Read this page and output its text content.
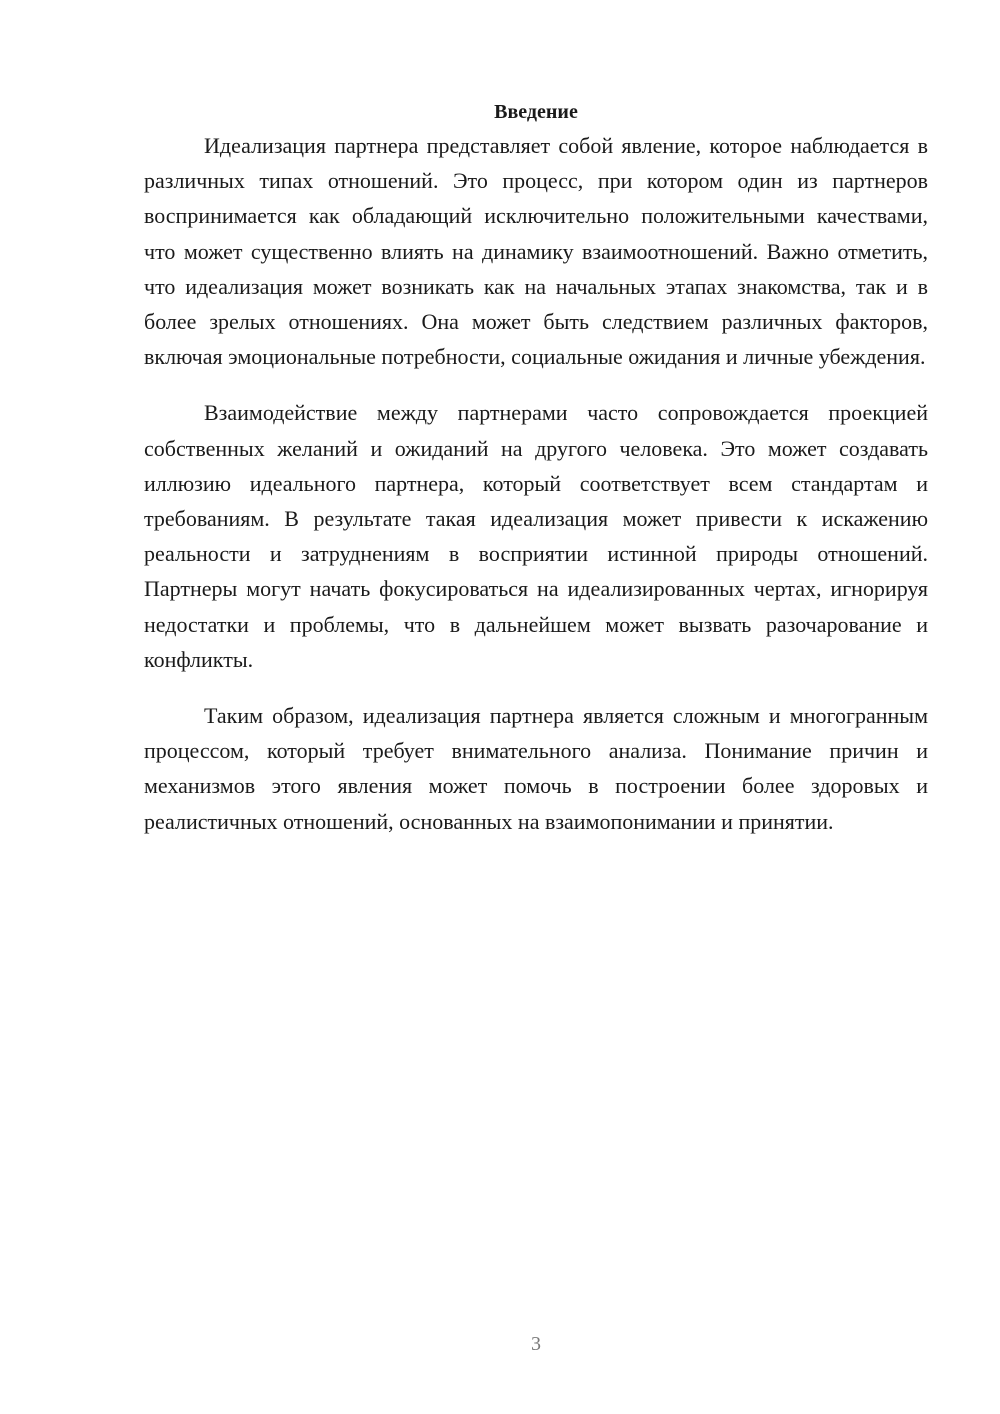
Введение

Идеализация партнера представляет собой явление, которое наблюдается в различных типах отношений. Это процесс, при котором один из партнеров воспринимается как обладающий исключительно положительными качествами, что может существенно влиять на динамику взаимоотношений. Важно отметить, что идеализация может возникать как на начальных этапах знакомства, так и в более зрелых отношениях. Она может быть следствием различных факторов, включая эмоциональные потребности, социальные ожидания и личные убеждения.

Взаимодействие между партнерами часто сопровождается проекцией собственных желаний и ожиданий на другого человека. Это может создавать иллюзию идеального партнера, который соответствует всем стандартам и требованиям. В результате такая идеализация может привести к искажению реальности и затруднениям в восприятии истинной природы отношений. Партнеры могут начать фокусироваться на идеализированных чертах, игнорируя недостатки и проблемы, что в дальнейшем может вызвать разочарование и конфликты.

Таким образом, идеализация партнера является сложным и многогранным процессом, который требует внимательного анализа. Понимание причин и механизмов этого явления может помочь в построении более здоровых и реалистичных отношений, основанных на взаимопонимании и принятии.

3
